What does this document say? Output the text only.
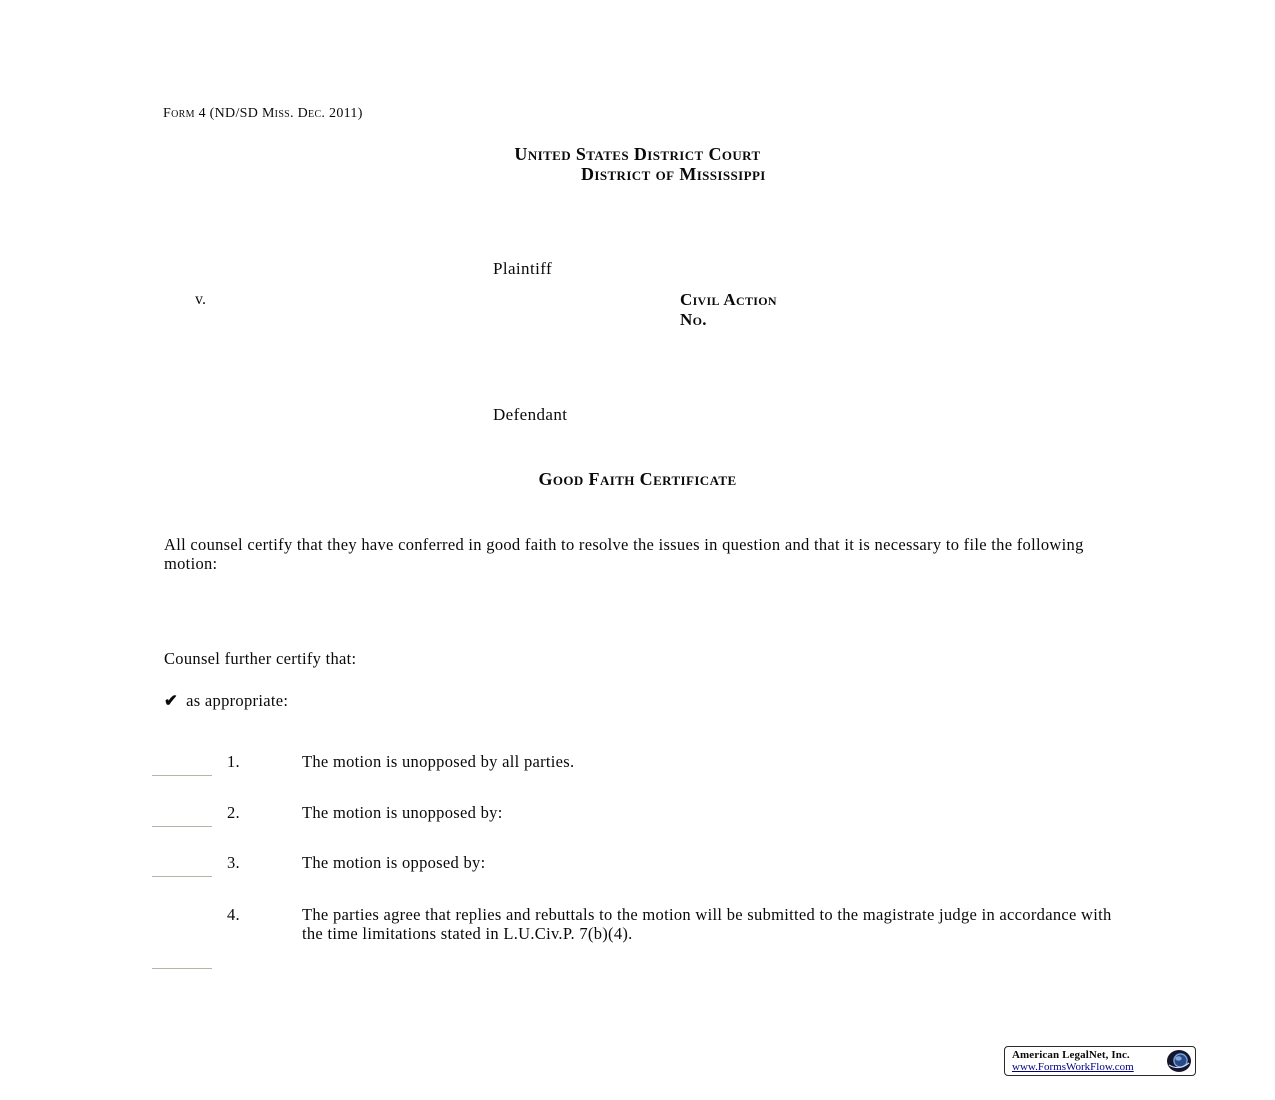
Form 4 (ND/SD Miss. Dec. 2011)
United States District Court
District of Mississippi
Plaintiff
v.	Civil Action
No.
Defendant
Good Faith Certificate
All counsel certify that they have conferred in good faith to resolve the issues in question and that it is necessary to file the following motion:
Counsel further certify that:
✔ as appropriate:
1.	The motion is unopposed by all parties.
2.	The motion is unopposed by:
3.	The motion is opposed by:
4.	The parties agree that replies and rebuttals to the motion will be submitted to the magistrate judge in accordance with the time limitations stated in L.U.Civ.P. 7(b)(4).
American LegalNet, Inc.
www.FormsWorkFlow.com
